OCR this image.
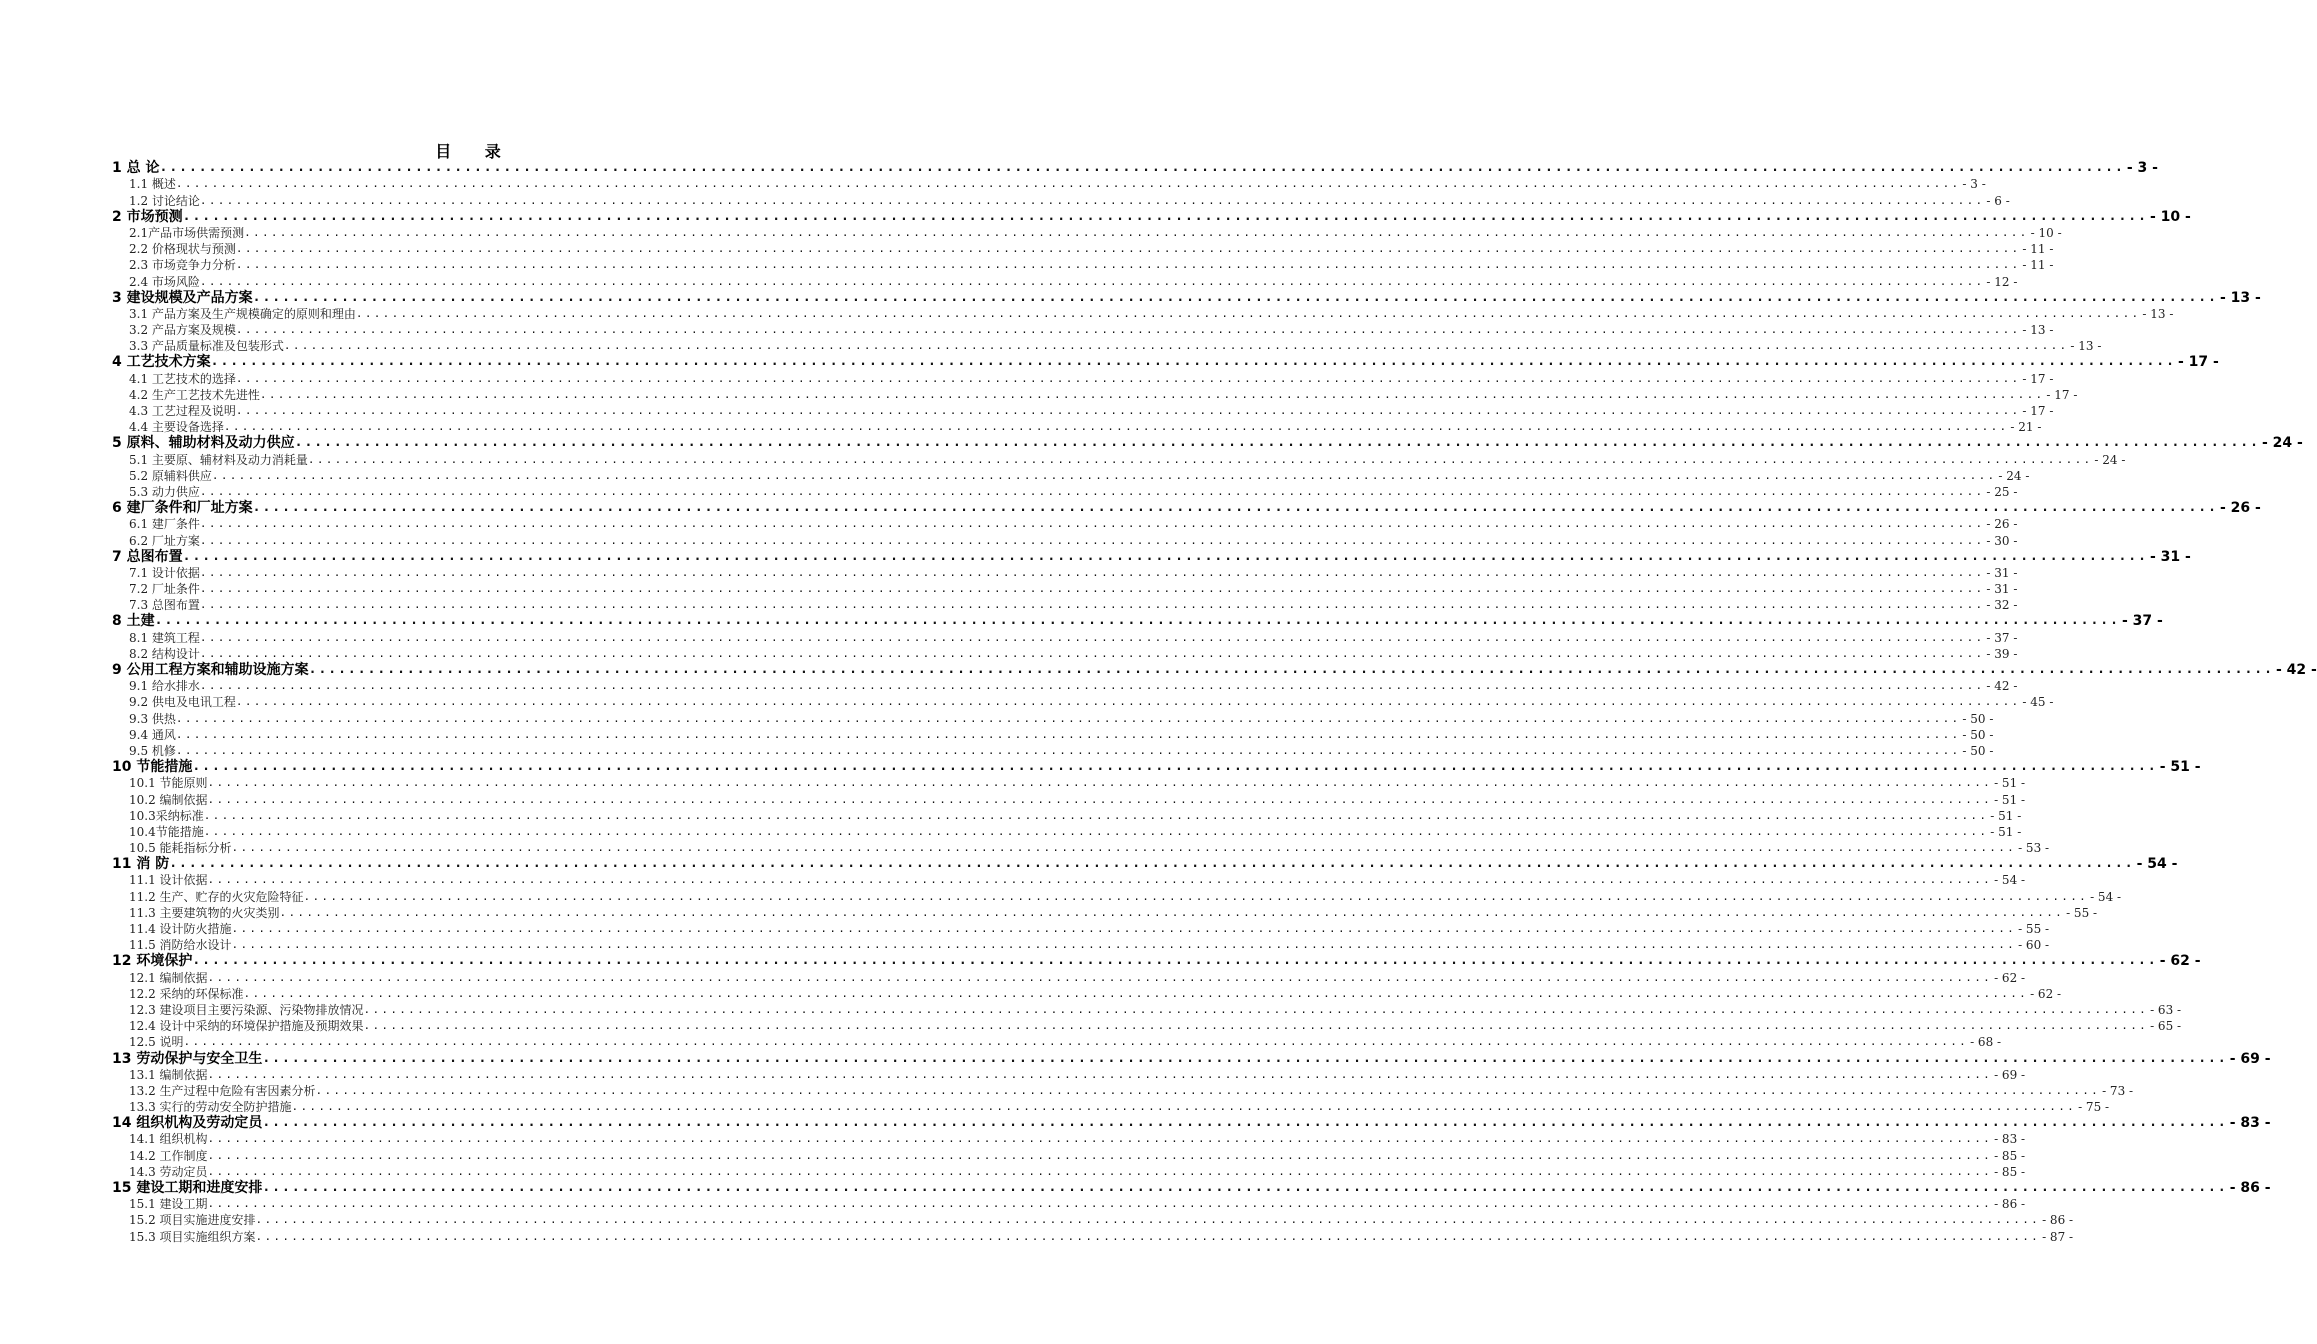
目 录
1 总 论 ........................................................................................................................................................................................................ - 3 -
1.1 概述 ........................................................................................................................................................................................................ - 3 -
1.2 讨论结论 ........................................................................................................................................................................................................ - 6 -
2 市场预测 ........................................................................................................................................................................................................ - 10 -
2.1产品市场供需预测 ........................................................................................................................................................................................................ - 10 -
2.2 价格现状与预测 ........................................................................................................................................................................................................ - 11 -
2.3 市场竞争力分析 ........................................................................................................................................................................................................ - 11 -
2.4 市场风险 ........................................................................................................................................................................................................ - 12 -
3 建设规模及产品方案 ........................................................................................................................................................................................................ - 13 -
3.1 产品方案及生产规模确定的原则和理由 ........................................................................................................................................................................................................ - 13 -
3.2 产品方案及规模 ........................................................................................................................................................................................................ - 13 -
3.3 产品质量标准及包装形式 ........................................................................................................................................................................................................ - 13 -
4 工艺技术方案 ........................................................................................................................................................................................................ - 17 -
4.1 工艺技术的选择 ........................................................................................................................................................................................................ - 17 -
4.2 生产工艺技术先进性 ........................................................................................................................................................................................................ - 17 -
4.3 工艺过程及说明 ........................................................................................................................................................................................................ - 17 -
4.4 主要设备选择 ........................................................................................................................................................................................................ - 21 -
5 原料、辅助材料及动力供应 ........................................................................................................................................................................................................ - 24 -
5.1 主要原、辅材料及动力消耗量 ........................................................................................................................................................................................................ - 24 -
5.2 原辅料供应 ........................................................................................................................................................................................................ - 24 -
5.3 动力供应 ........................................................................................................................................................................................................ - 25 -
6 建厂条件和厂址方案 ........................................................................................................................................................................................................ - 26 -
6.1 建厂条件 ........................................................................................................................................................................................................ - 26 -
6.2 厂址方案 ........................................................................................................................................................................................................ - 30 -
7 总图布置 ........................................................................................................................................................................................................ - 31 -
7.1 设计依据 ........................................................................................................................................................................................................ - 31 -
7.2 厂址条件 ........................................................................................................................................................................................................ - 31 -
7.3 总图布置 ........................................................................................................................................................................................................ - 32 -
8 土建 ........................................................................................................................................................................................................ - 37 -
8.1 建筑工程 ........................................................................................................................................................................................................ - 37 -
8.2 结构设计 ........................................................................................................................................................................................................ - 39 -
9 公用工程方案和辅助设施方案 ........................................................................................................................................................................................................ - 42 -
9.1 给水排水 ........................................................................................................................................................................................................ - 42 -
9.2 供电及电讯工程 ........................................................................................................................................................................................................ - 45 -
9.3 供热 ........................................................................................................................................................................................................ - 50 -
9.4 通风 ........................................................................................................................................................................................................ - 50 -
9.5 机修 ........................................................................................................................................................................................................ - 50 -
10 节能措施 ........................................................................................................................................................................................................ - 51 -
10.1 节能原则 ........................................................................................................................................................................................................ - 51 -
10.2 编制依据 ........................................................................................................................................................................................................ - 51 -
10.3采纳标准 ........................................................................................................................................................................................................ - 51 -
10.4节能措施 ........................................................................................................................................................................................................ - 51 -
10.5 能耗指标分析 ........................................................................................................................................................................................................ - 53 -
11 消 防 ........................................................................................................................................................................................................ - 54 -
11.1 设计依据 ........................................................................................................................................................................................................ - 54 -
11.2 生产、贮存的火灾危险特征 ........................................................................................................................................................................................................ - 54 -
11.3 主要建筑物的火灾类别 ........................................................................................................................................................................................................ - 55 -
11.4 设计防火措施 ........................................................................................................................................................................................................ - 55 -
11.5 消防给水设计 ........................................................................................................................................................................................................ - 60 -
12 环境保护 ........................................................................................................................................................................................................ - 62 -
12.1 编制依据 ........................................................................................................................................................................................................ - 62 -
12.2 采纳的环保标准 ........................................................................................................................................................................................................ - 62 -
12.3 建设项目主要污染源、污染物排放情况 ........................................................................................................................................................................................................ - 63 -
12.4 设计中采纳的环境保护措施及预期效果 ........................................................................................................................................................................................................ - 65 -
12.5 说明 ........................................................................................................................................................................................................ - 68 -
13 劳动保护与安全卫生 ........................................................................................................................................................................................................ - 69 -
13.1 编制依据 ........................................................................................................................................................................................................ - 69 -
13.2 生产过程中危险有害因素分析 ........................................................................................................................................................................................................ - 73 -
13.3 实行的劳动安全防护措施 ........................................................................................................................................................................................................ - 75 -
14 组织机构及劳动定员 ........................................................................................................................................................................................................ - 83 -
14.1 组织机构 ........................................................................................................................................................................................................ - 83 -
14.2 工作制度 ........................................................................................................................................................................................................ - 85 -
14.3 劳动定员 ........................................................................................................................................................................................................ - 85 -
15 建设工期和进度安排 ........................................................................................................................................................................................................ - 86 -
15.1 建设工期 ........................................................................................................................................................................................................ - 86 -
15.2 项目实施进度安排 ........................................................................................................................................................................................................ - 86 -
15.3 项目实施组织方案 ........................................................................................................................................................................................................ - 87 -
